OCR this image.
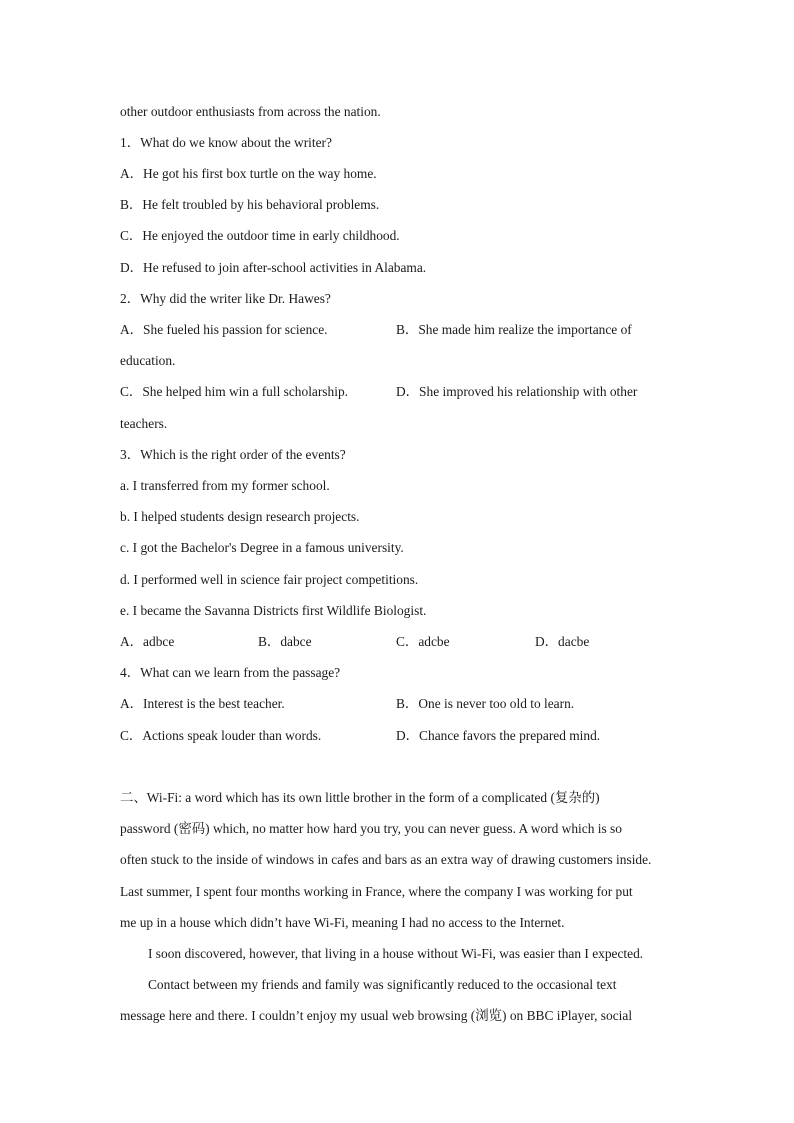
other outdoor enthusiasts from across the nation.
1．What do we know about the writer?
A．He got his first box turtle on the way home.
B．He felt troubled by his behavioral problems.
C．He enjoyed the outdoor time in early childhood.
D．He refused to join after-school activities in Alabama.
2．Why did the writer like Dr. Hawes?
A．She fueled his passion for science.	B．She made him realize the importance of
education.
C．She helped him win a full scholarship.	D．She improved his relationship with other
teachers.
3．Which is the right order of the events?
a. I transferred from my former school.
b. I helped students design research projects.
c. I got the Bachelor's Degree in a famous university.
d. I performed well in science fair project competitions.
e. I became the Savanna Districts first Wildlife Biologist.
A．adbce	B．dabce	C．adcbe	D．dacbe
4．What can we learn from the passage?
A．Interest is the best teacher.	B．One is never too old to learn.
C．Actions speak louder than words.	D．Chance favors the prepared mind.
二、Wi-Fi: a word which has its own little brother in the form of a complicated (复杂的)
password (密码) which, no matter how hard you try, you can never guess. A word which is so
often stuck to the inside of windows in cafes and bars as an extra way of drawing customers inside.
Last summer, I spent four months working in France, where the company I was working for put
me up in a house which didn’t have Wi-Fi, meaning I had no access to the Internet.
I soon discovered, however, that living in a house without Wi-Fi, was easier than I expected.
Contact between my friends and family was significantly reduced to the occasional text
message here and there. I couldn’t enjoy my usual web browsing (浏览) on BBC iPlayer, social
